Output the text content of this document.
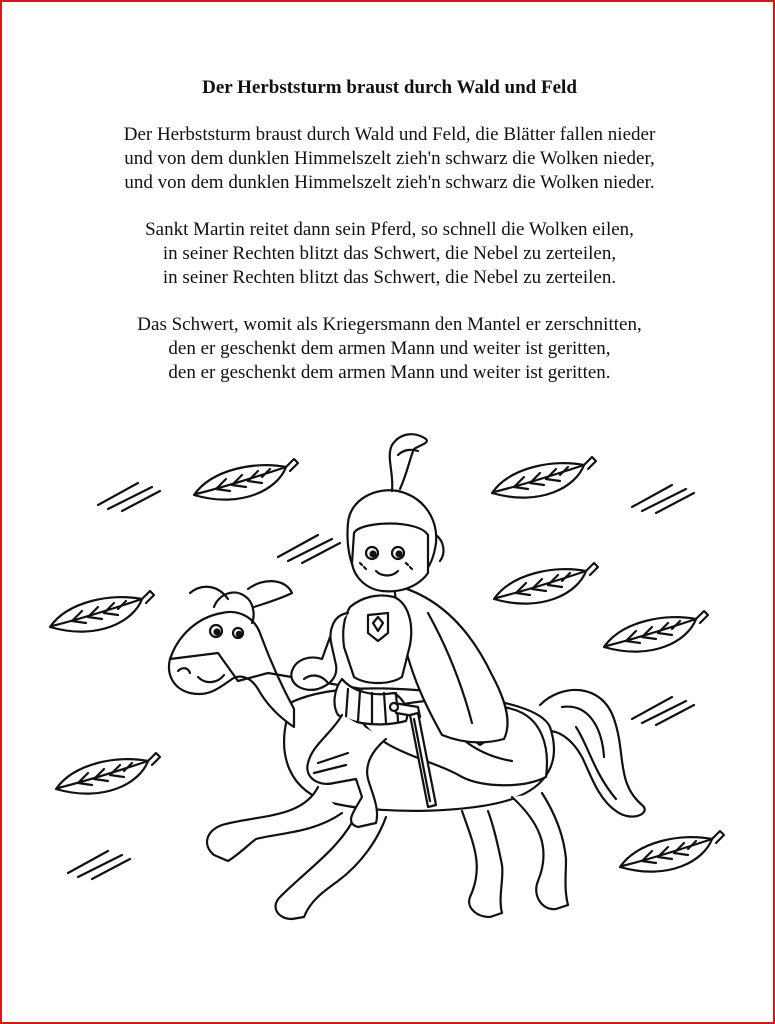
Der Herbststurm braust durch Wald und Feld
Der Herbststurm braust durch Wald und Feld, die Blätter fallen nieder
und von dem dunklen Himmelszelt zieh'n schwarz die Wolken nieder,
und von dem dunklen Himmelszelt zieh'n schwarz die Wolken nieder.
Sankt Martin reitet dann sein Pferd, so schnell die Wolken eilen,
in seiner Rechten blitzt das Schwert, die Nebel zu zerteilen,
in seiner Rechten blitzt das Schwert, die Nebel zu zerteilen.
Das Schwert, womit als Kriegersmann den Mantel er zerschnitten,
den er geschenkt dem armen Mann und weiter ist geritten,
den er geschenkt dem armen Mann und weiter ist geritten.
